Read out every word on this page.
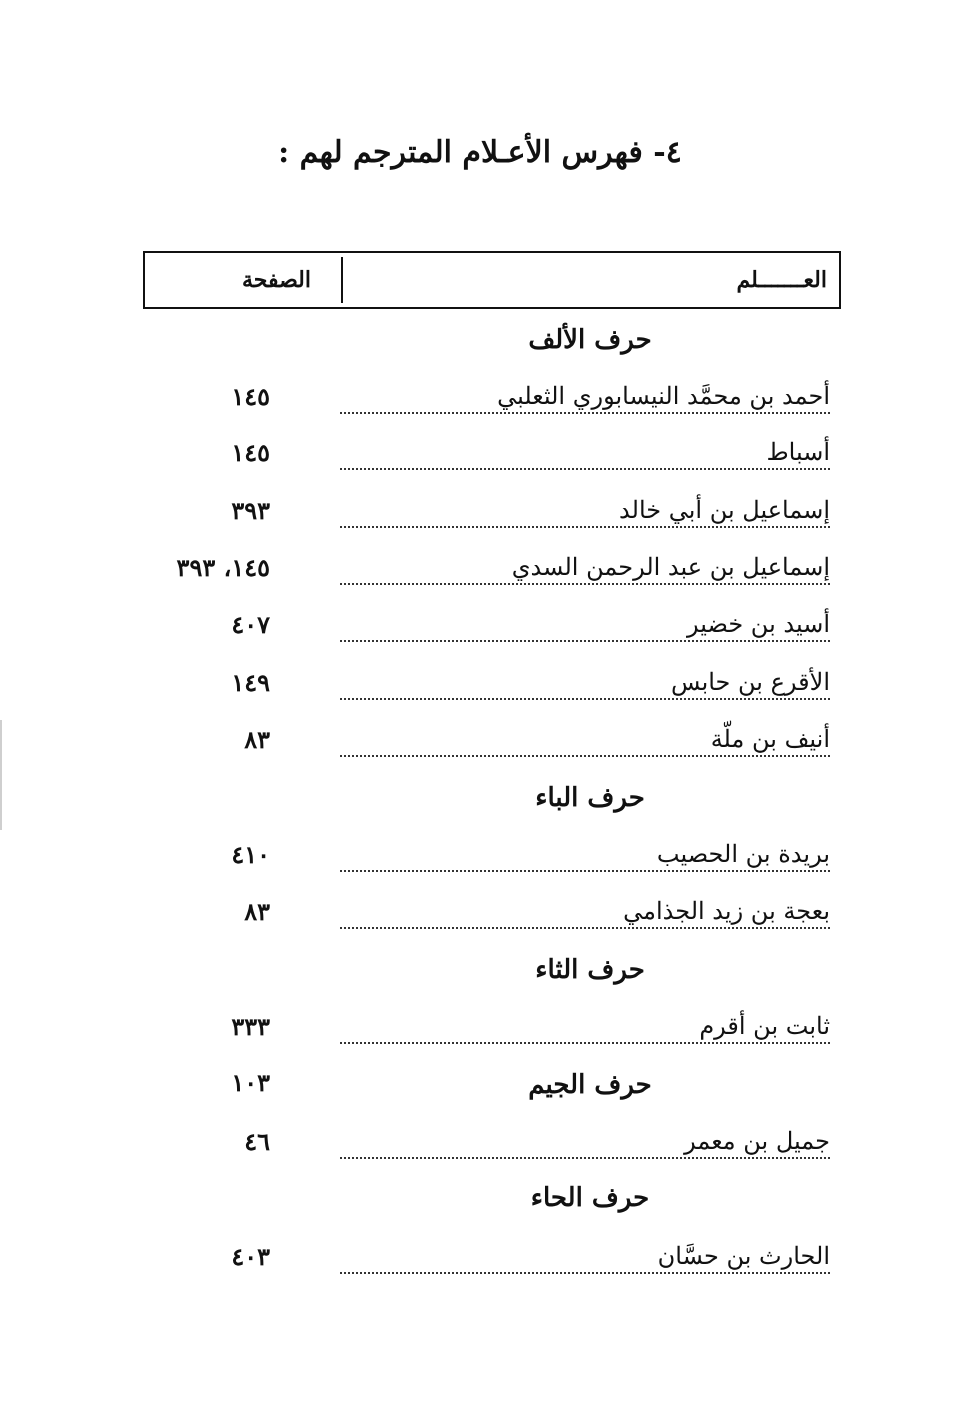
٤- فهرس الأعـلام المترجم لهم :
العـــــــلم
الصفحة
حرف الألف
أحمد بن محمَّد النيسابوري الثعلبي
١٤٥
أسباط
١٤٥
إسماعيل بن أبي خالد
٣٩٣
إسماعيل بن عبد الرحمن السدي
١٤٥، ٣٩٣
أسيد بن خضير
٤٠٧
الأقرع بن حابس
١٤٩
أنيف بن ملّة
٨٣
حرف الباء
بريدة بن الحصيب
٤١٠
بعجة بن زيد الجذامي
٨٣
حرف الثاء
ثابت بن أقرم
٣٣٣
حرف الجيم
١٠٣
جميل بن معمر
٤٦
حرف الحاء
الحارث بن حسَّان
٤٠٣
